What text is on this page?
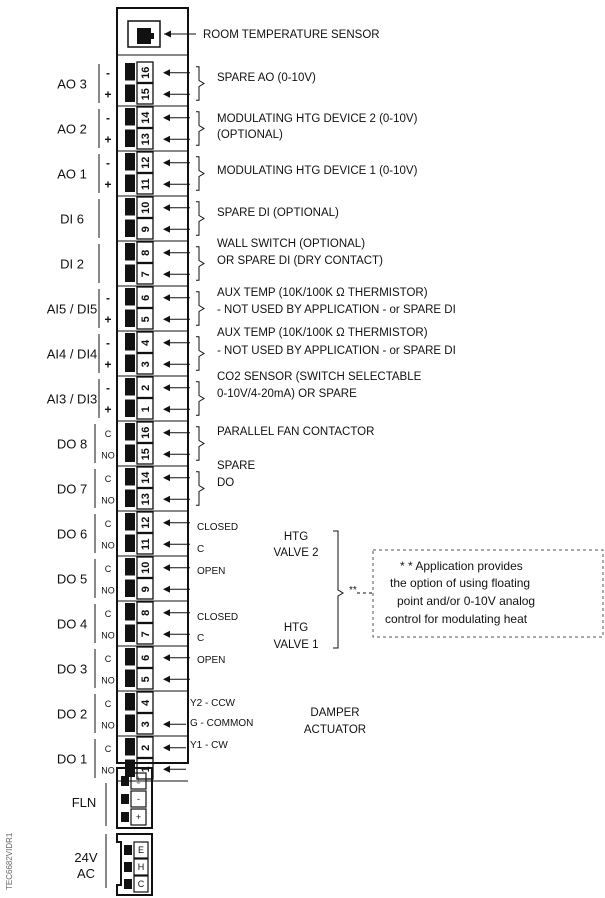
ROOM TEMPERATURE SENSOR
16
-
15
+
AO 3
14
-
13
+
AO 2
12
-
11
+
AO 1
10
9
DI 6
8
7
DI 2
6
-
5
+
AI5 / DI5
4
-
3
+
AI4 / DI4
2
-
1
+
AI3 / DI3
16
C
15
NO
DO 8
14
C
13
NO
DO 7
12
C
11
NO
DO 6
10
C
9
NO
DO 5
8
C
7
NO
DO 4
6
C
5
NO
DO 3
4
C
3
NO
DO 2
2
C
1
NO
DO 1
SPARE AO (0-10V)
MODULATING HTG DEVICE 2 (0-10V)
(OPTIONAL)
MODULATING HTG DEVICE 1 (0-10V)
SPARE DI (OPTIONAL)
WALL SWITCH (OPTIONAL)
OR SPARE DI (DRY CONTACT)
AUX TEMP (10K/100K Ω THERMISTOR)
- NOT USED BY APPLICATION - or SPARE DI
AUX TEMP (10K/100K Ω THERMISTOR)
- NOT USED BY APPLICATION - or SPARE DI
CO2 SENSOR (SWITCH SELECTABLE
0-10V/4-20mA) OR SPARE
PARALLEL FAN CONTACTOR
SPARE
DO
CLOSED
C
OPEN
CLOSED
C
OPEN
HTG
VALVE 2
HTG
VALVE 1
**
Y2 - CCW
G - COMMON
Y1 - CW
DAMPER
ACTUATOR
* * Application provides
the option of using floating
point and/or 0-10V analog
control for modulating heat
FLN
⏚
-
+
24V
AC
E
H
C
TEC6682VIDR1
